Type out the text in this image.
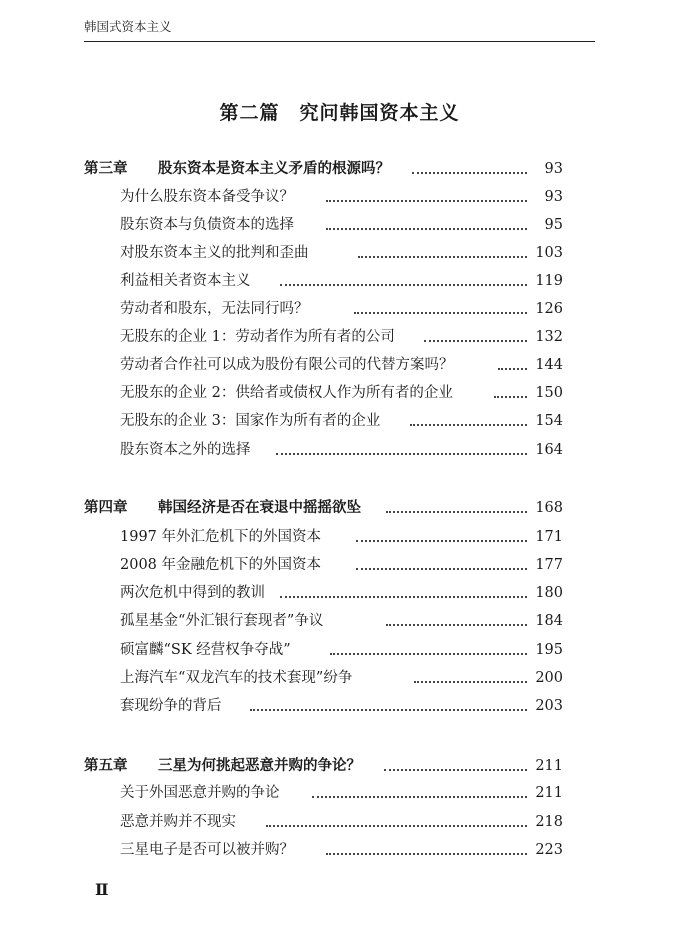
韩国式资本主义
第二篇　究问韩国资本主义
第三章 股东资本是资本主义矛盾的根源吗？	93
为什么股东资本备受争议？	93
股东资本与负债资本的选择	95
对股东资本主义的批判和歪曲	103
利益相关者资本主义	119
劳动者和股东，无法同行吗？	126
无股东的企业 1：劳动者作为所有者的公司	132
劳动者合作社可以成为股份有限公司的代替方案吗？	144
无股东的企业 2：供给者或债权人作为所有者的企业	150
无股东的企业 3：国家作为所有者的企业	154
股东资本之外的选择	164
第四章 韩国经济是否在衰退中摇摇欲坠	168
1997 年外汇危机下的外国资本	171
2008 年金融危机下的外国资本	177
两次危机中得到的教训	180
孤星基金“外汇银行套现者”争议	184
硕富麟“SK 经营权争夺战”	195
上海汽车“双龙汽车的技术套现”纷争	200
套现纷争的背后	203
第五章 三星为何挑起恶意并购的争论？	211
关于外国恶意并购的争论	211
恶意并购并不现实	218
三星电子是否可以被并购？	223
Ⅱ
